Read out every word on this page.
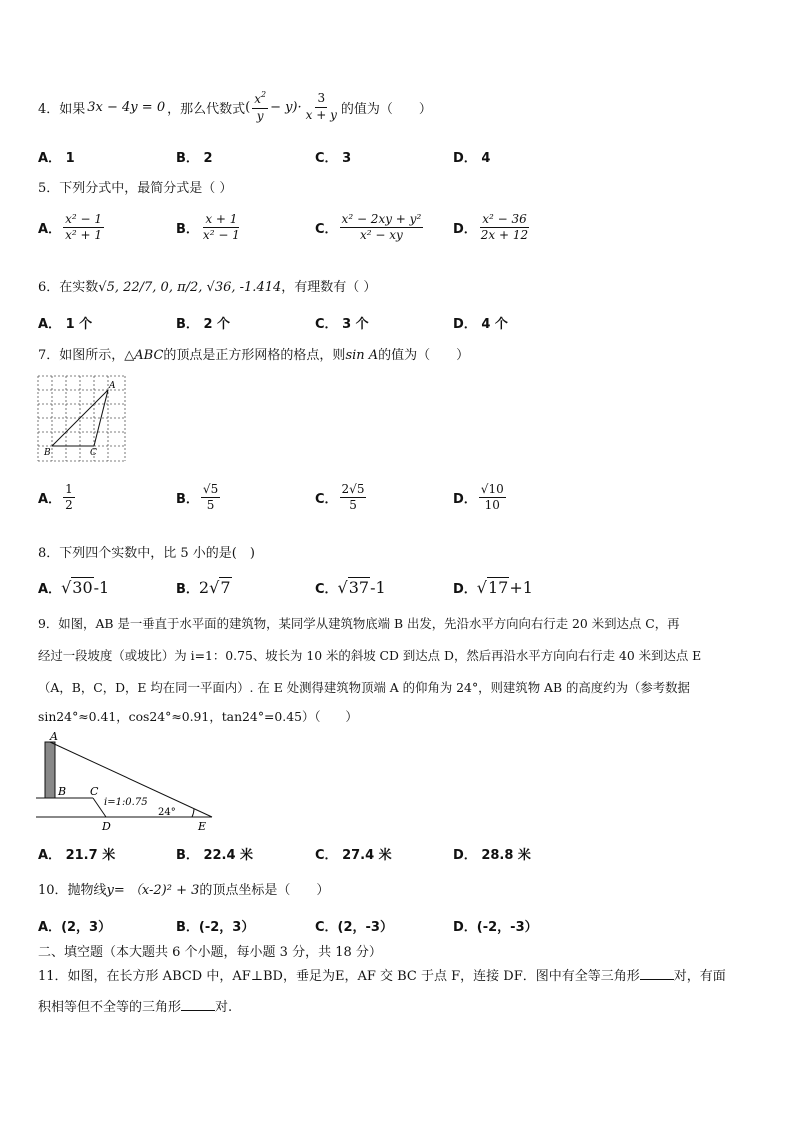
4．如果 3x − 4y = 0 ，那么代数式 ( $\frac{x^2}{y} - y)\cdot \frac{3}{x + y}$ 的值为（　　）
A． 1	B． 2	C． 3	D． 4
5．下列分式中，最简分式是（ ）
A． $\frac{\text{x² − 1}}{\text{x² + 1}}$	B． $\frac{x + 1}{\text{x² − 1}}$	C． $\frac{\text{x² − 2xy + y²}}{\text{x² − xy}}$ D． $\frac{\text{x² − 36}}{2x + 12}$
6．在实数√5, 22/7, 0, π/2, √36, -1.414，有理数有（ ）
A． 1 个	B． 2 个	C． 3 个	D． 4 个
7．如图所示，△ABC的顶点是正方形网格的格点，则sin A的值为（　　）
A
B	C
A． $\frac{1}{2}$	B． $\frac{√5}{5}$	C． $\frac{2√5}{5}$	D． $\frac{√10}{10}$
8．下列四个实数中，比 5 小的是(　)
A．√30-1	B．2√7	C．√37-1	D．√17+1
9．如图，AB 是一垂直于水平面的建筑物，某同学从建筑物底端 B 出发，先沿水平方向向右行走 20 米到达点 C，再
经过一段坡度（或坡比）为 i=1：0.75、坡长为 10 米的斜坡 CD 到达点 D，然后再沿水平方向向右行走 40 米到达点 E
（A，B，C，D，E 均在同一平面内）. 在 E 处测得建筑物顶端 A 的仰角为 24°，则建筑物 AB 的高度约为（参考数据
sin24°≈0.41，cos24°≈0.91，tan24°=0.45）（　　）
A
B C
D	E
i=1:0.75
24°
A． 21.7 米	B． 22.4 米	C． 27.4 米	D． 28.8 米
10．抛物线y= （x-2)² + 3的顶点坐标是（　　）
A．(2，3）	B．(-2，3）	C．(2，-3）	D．(-2，-3）
二、填空题（本大题共 6 个小题，每小题 3 分，共 18 分）
11．如图，在长方形 ABCD 中，AF⊥BD，垂足为E，AF 交 BC 于点 F，连接 DF．图中有全等三角形	对，有面
积相等但不全等的三角形	对.
